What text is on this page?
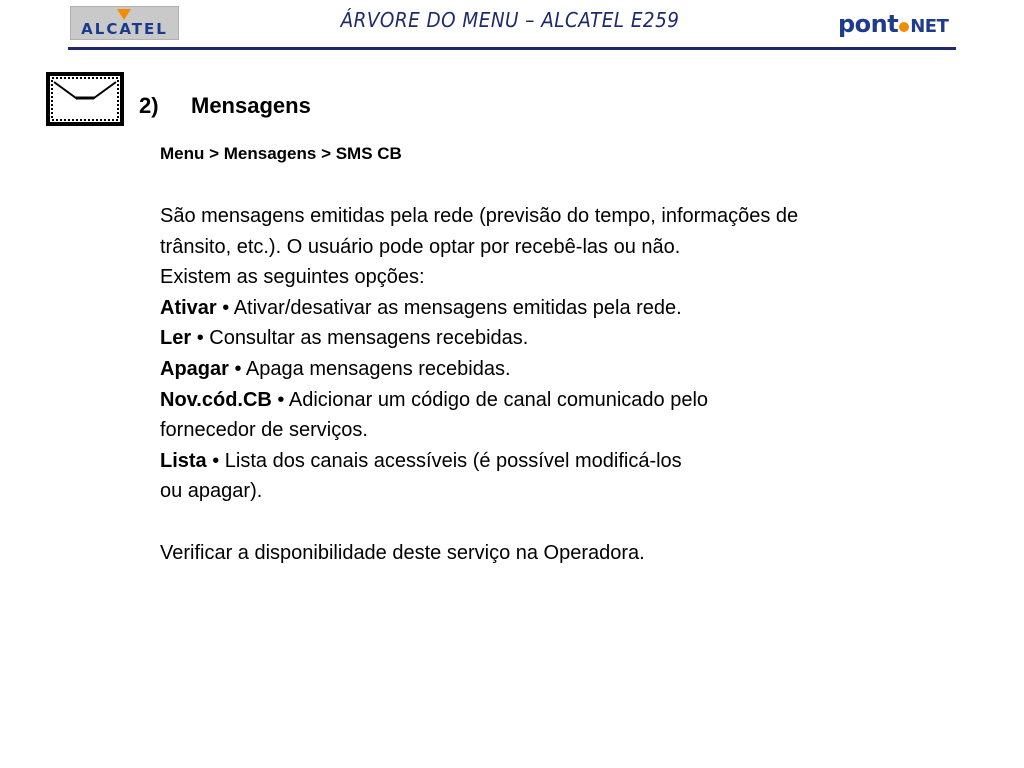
ALCATEL	ÁRVORE DO MENU – ALCATEL E259	pont NET
2) Mensagens
Menu > Mensagens > SMS CB

São mensagens emitidas pela rede (previsão do tempo, informações de

trânsito, etc.). O usuário pode optar por recebê-las ou não.

Existem as seguintes opções:

Ativar • Ativar/desativar as mensagens emitidas pela rede.

Ler • Consultar as mensagens recebidas.

Apagar • Apaga mensagens recebidas.

Nov.cód.CB • Adicionar um código de canal comunicado pelo

fornecedor de serviços.

Lista • Lista dos canais acessíveis (é possível modificá-los

ou apagar).

Verificar a disponibilidade deste serviço na Operadora.
